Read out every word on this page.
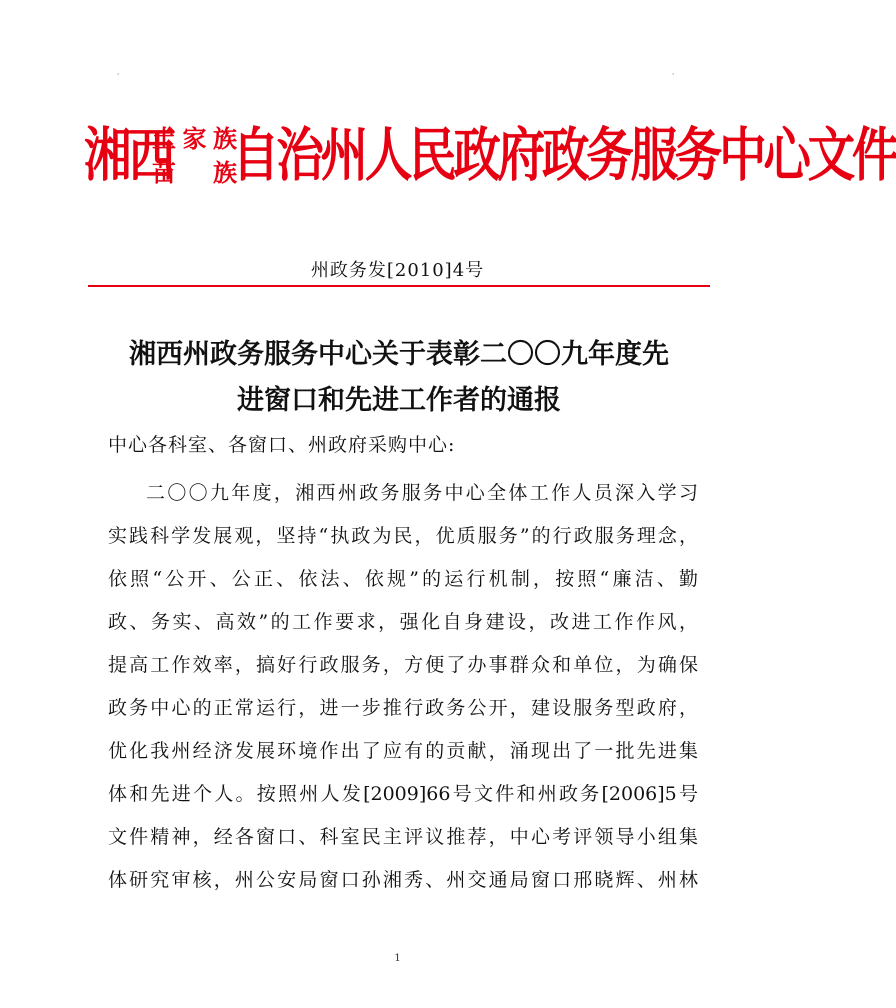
'	'
湘西
土家族
苗　族
自治州人民政府政务服务中心文件
州政务发[2010]4号
湘西州政务服务中心关于表彰二〇〇九年度先
进窗口和先进工作者的通报
中心各科室、各窗口、州政府采购中心:
二〇〇九年度，湘西州政务服务中心全体工作人员深入学习
实践科学发展观，坚持“执政为民，优质服务”的行政服务理念，
依照“公开、公正、依法、依规”的运行机制，按照“廉洁、勤
政、务实、高效”的工作要求，强化自身建设，改进工作作风，
提高工作效率，搞好行政服务，方便了办事群众和单位，为确保
政务中心的正常运行，进一步推行政务公开，建设服务型政府，
优化我州经济发展环境作出了应有的贡献，涌现出了一批先进集
体和先进个人。按照州人发[2009]66号文件和州政务[2006]5号
文件精神，经各窗口、科室民主评议推荐，中心考评领导小组集
体研究审核，州公安局窗口孙湘秀、州交通局窗口邢晓辉、州林
1
